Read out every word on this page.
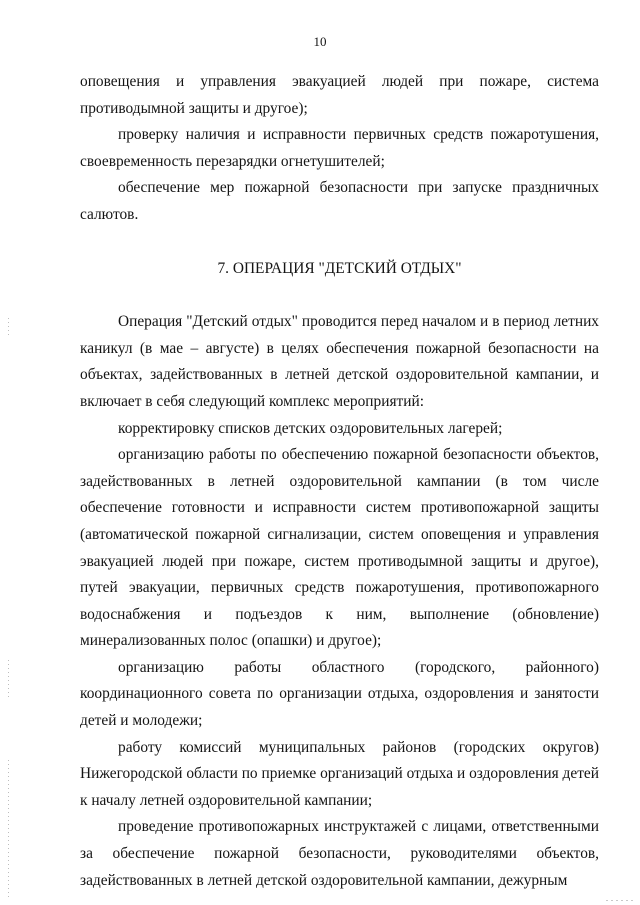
10

оповещения и управления эвакуацией людей при пожаре, система противодымной защиты и другое);

проверку наличия и исправности первичных средств пожаротушения, своевременность перезарядки огнетушителей;

обеспечение мер пожарной безопасности при запуске праздничных салютов.

7. ОПЕРАЦИЯ "ДЕТСКИЙ ОТДЫХ"

Операция "Детский отдых" проводится перед началом и в период летних каникул (в мае – августе) в целях обеспечения пожарной безопасности на объектах, задействованных в летней детской оздоровительной кампании, и включает в себя следующий комплекс мероприятий:

корректировку списков детских оздоровительных лагерей;

организацию работы по обеспечению пожарной безопасности объектов, задействованных в летней оздоровительной кампании (в том числе обеспечение готовности и исправности систем противопожарной защиты (автоматической пожарной сигнализации, систем оповещения и управления эвакуацией людей при пожаре, систем противодымной защиты и другое), путей эвакуации, первичных средств пожаротушения, противопожарного водоснабжения и подъездов к ним, выполнение (обновление) минерализованных полос (опашки) и другое);

организацию работы областного (городского, районного) координационного совета по организации отдыха, оздоровления и занятости детей и молодежи;

работу комиссий муниципальных районов (городских округов) Нижегородской области по приемке организаций отдыха и оздоровления детей к началу летней оздоровительной кампании;

проведение противопожарных инструктажей с лицами, ответственными за обеспечение пожарной безопасности, руководителями объектов, задействованных в летней детской оздоровительной кампании, дежурным
